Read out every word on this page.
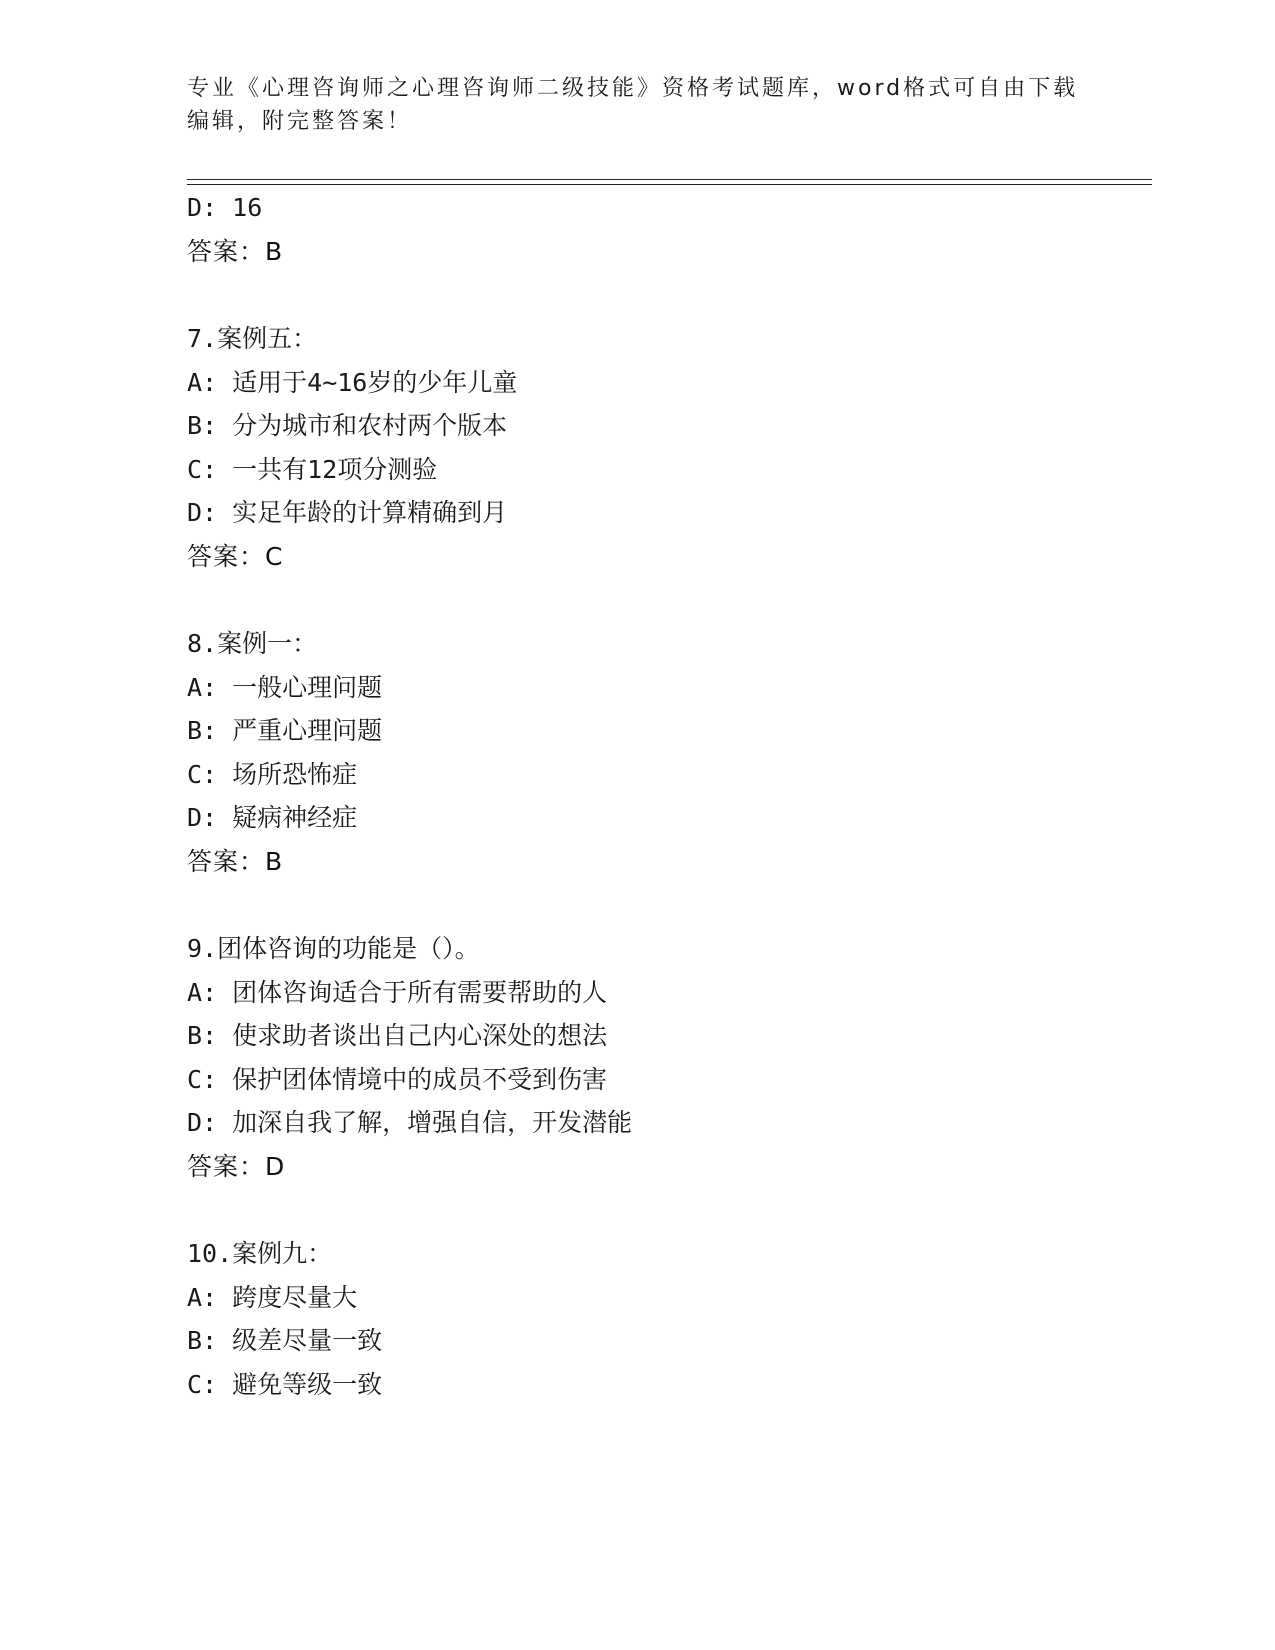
专业《心理咨询师之心理咨询师二级技能》资格考试题库，word格式可自由下载编辑，附完整答案！
D: 16
答案：B
7.案例五：
A: 适用于4~16岁的少年儿童
B: 分为城市和农村两个版本
C: 一共有12项分测验
D: 实足年龄的计算精确到月
答案：C
8.案例一：
A: 一般心理问题
B: 严重心理问题
C: 场所恐怖症
D: 疑病神经症
答案：B
9.团体咨询的功能是（）。
A: 团体咨询适合于所有需要帮助的人
B: 使求助者谈出自己内心深处的想法
C: 保护团体情境中的成员不受到伤害
D: 加深自我了解，增强自信，开发潜能
答案：D
10.案例九：
A: 跨度尽量大
B: 级差尽量一致
C: 避免等级一致
